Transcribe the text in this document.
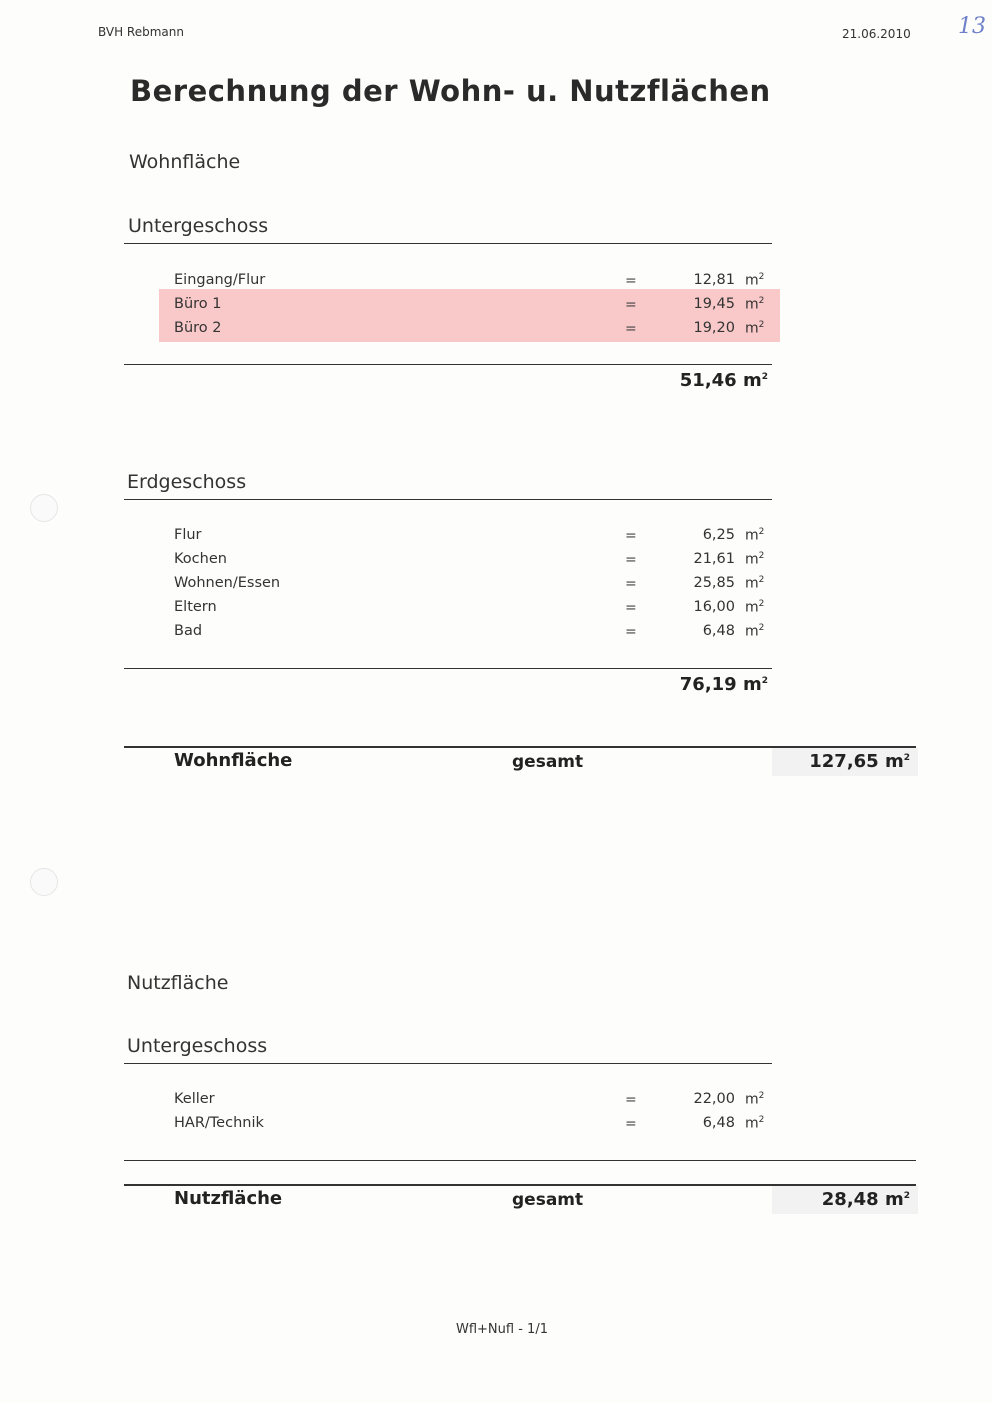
BVH Rebmann	21.06.2010 13
Berechnung der Wohn- u. Nutzflächen
Wohnfläche
Untergeschoss
Eingang/Flur	=	12,81 $m^2$
Büro 1	=	19,45 $m^2$
Büro 2	=	19,20 $m^2$
51,46 $m^2$
Erdgeschoss
Flur	=	6,25 $m^2$
Kochen	=	21,61 $m^2$
Wohnen/Essen	=	25,85 $m^2$
Eltern	=	16,00 $m^2$
Bad	=	6,48 $m^2$
76,19 $m^2$
Wohnfläche	gesamt	127,65 $m^2$
Nutzfläche
Untergeschoss
Keller	=	22,00 $m^2$
HAR/Technik	=	6,48 $m^2$
Nutzfläche	gesamt	28,48 $m^2$
Wfl+Nufl - 1/1
